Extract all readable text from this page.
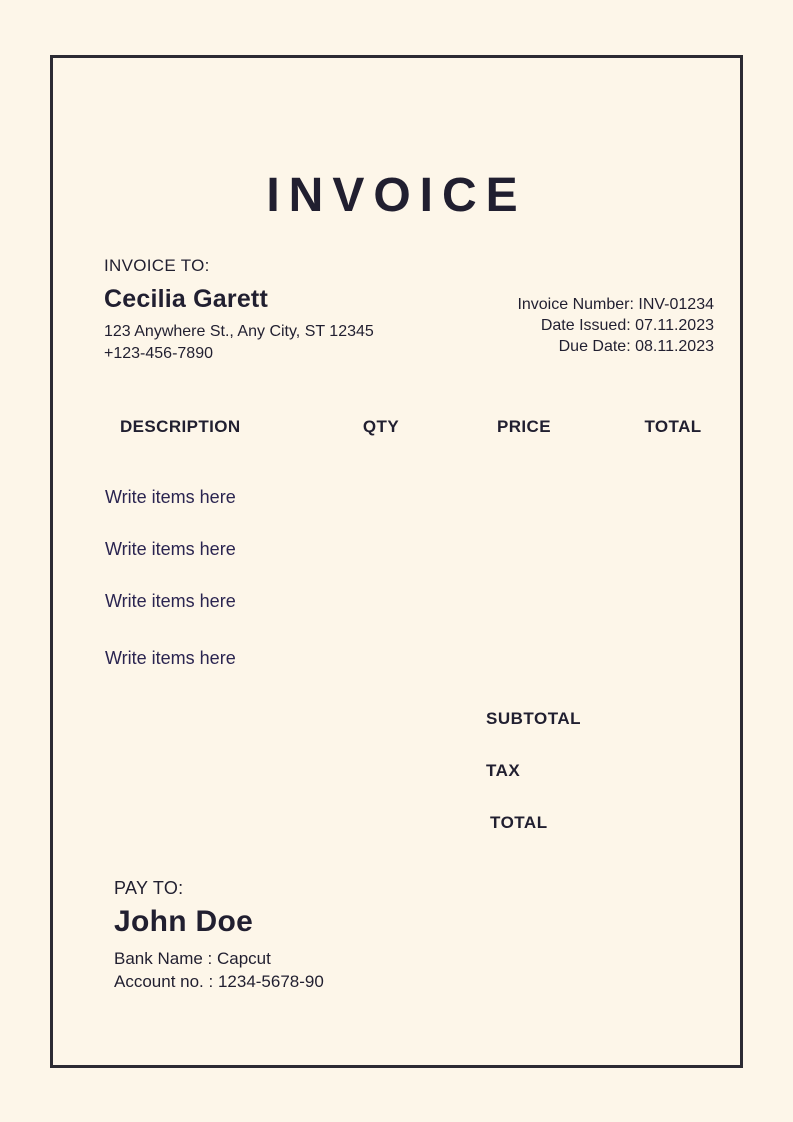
INVOICE
INVOICE TO:
Cecilia Garett
123 Anywhere St., Any City, ST 12345
+123-456-7890
Invoice Number: INV-01234
Date Issued: 07.11.2023
Due Date: 08.11.2023
DESCRIPTION	QTY	PRICE	TOTAL
Write items here
Write items here
Write items here
Write items here
SUBTOTAL
TAX
TOTAL
PAY TO:
John Doe
Bank Name : Capcut
Account no. : 1234-5678-90
